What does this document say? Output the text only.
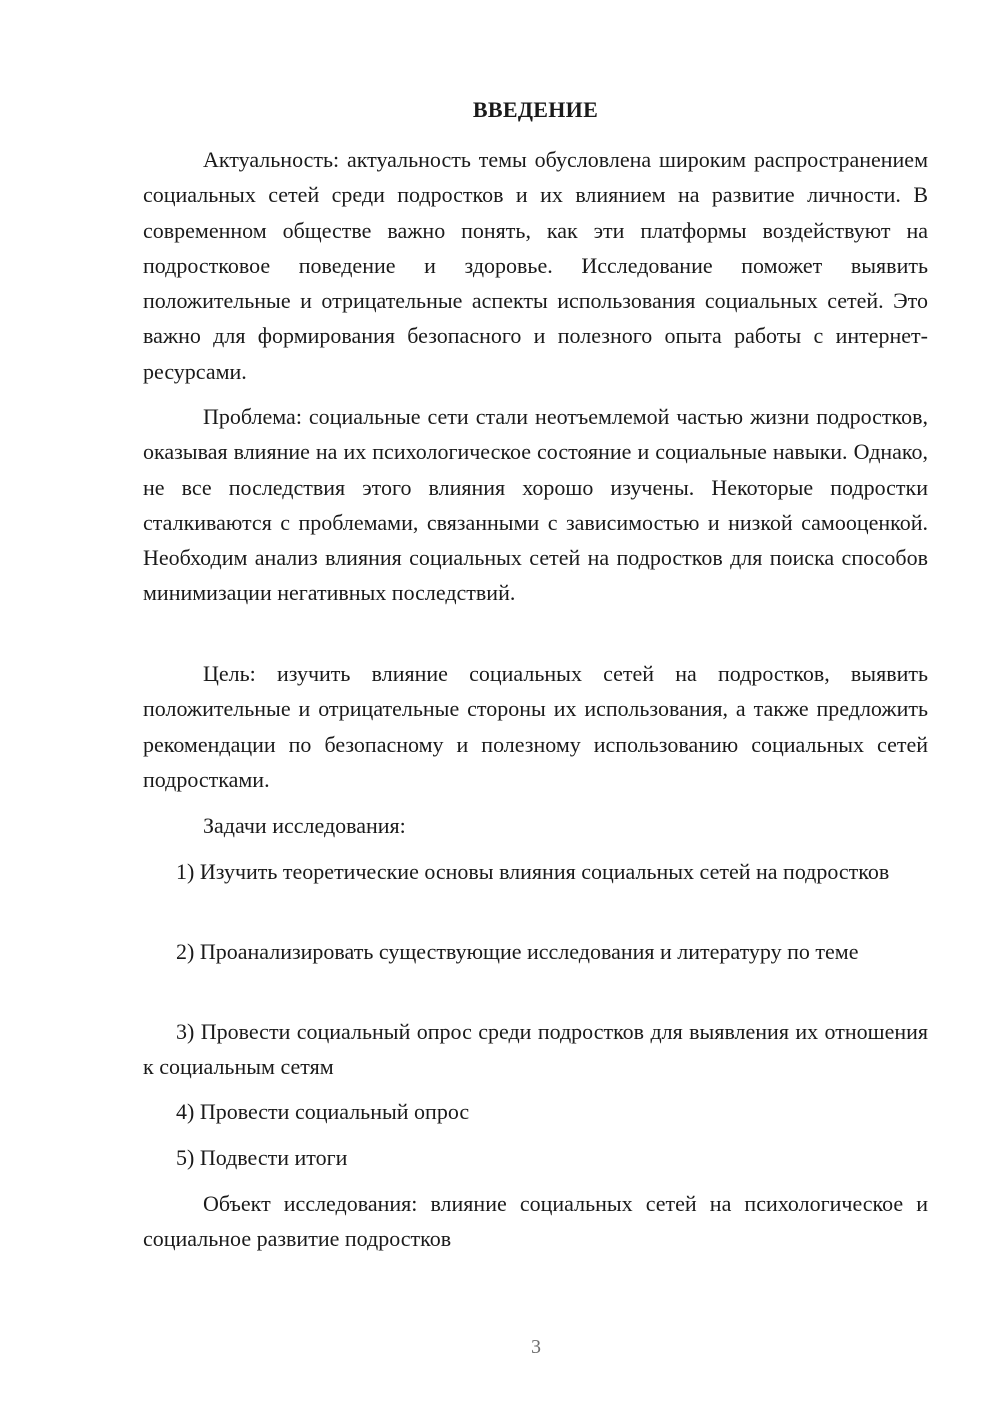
ВВЕДЕНИЕ

Актуальность: актуальность темы обусловлена широким распространением социальных сетей среди подростков и их влиянием на развитие личности. В современном обществе важно понять, как эти платформы воздействуют на подростковое поведение и здоровье. Исследование поможет выявить положительные и отрицательные аспекты использования социальных сетей. Это важно для формирования безопасного и полезного опыта работы с интернет-ресурсами.

Проблема: социальные сети стали неотъемлемой частью жизни подростков, оказывая влияние на их психологическое состояние и социальные навыки. Однако, не все последствия этого влияния хорошо изучены. Некоторые подростки сталкиваются с проблемами, связанными с зависимостью и низкой самооценкой. Необходим анализ влияния социальных сетей на подростков для поиска способов минимизации негативных последствий.

Цель: изучить влияние социальных сетей на подростков, выявить положительные и отрицательные стороны их использования, а также предложить рекомендации по безопасному и полезному использованию социальных сетей подростками.

Задачи исследования:

1) Изучить теоретические основы влияния социальных сетей на подростков

2) Проанализировать существующие исследования и литературу по теме

3) Провести социальный опрос среди подростков для выявления их отношения к социальным сетям

4) Провести социальный опрос

5) Подвести итоги

Объект исследования: влияние социальных сетей на психологическое и социальное развитие подростков

3
